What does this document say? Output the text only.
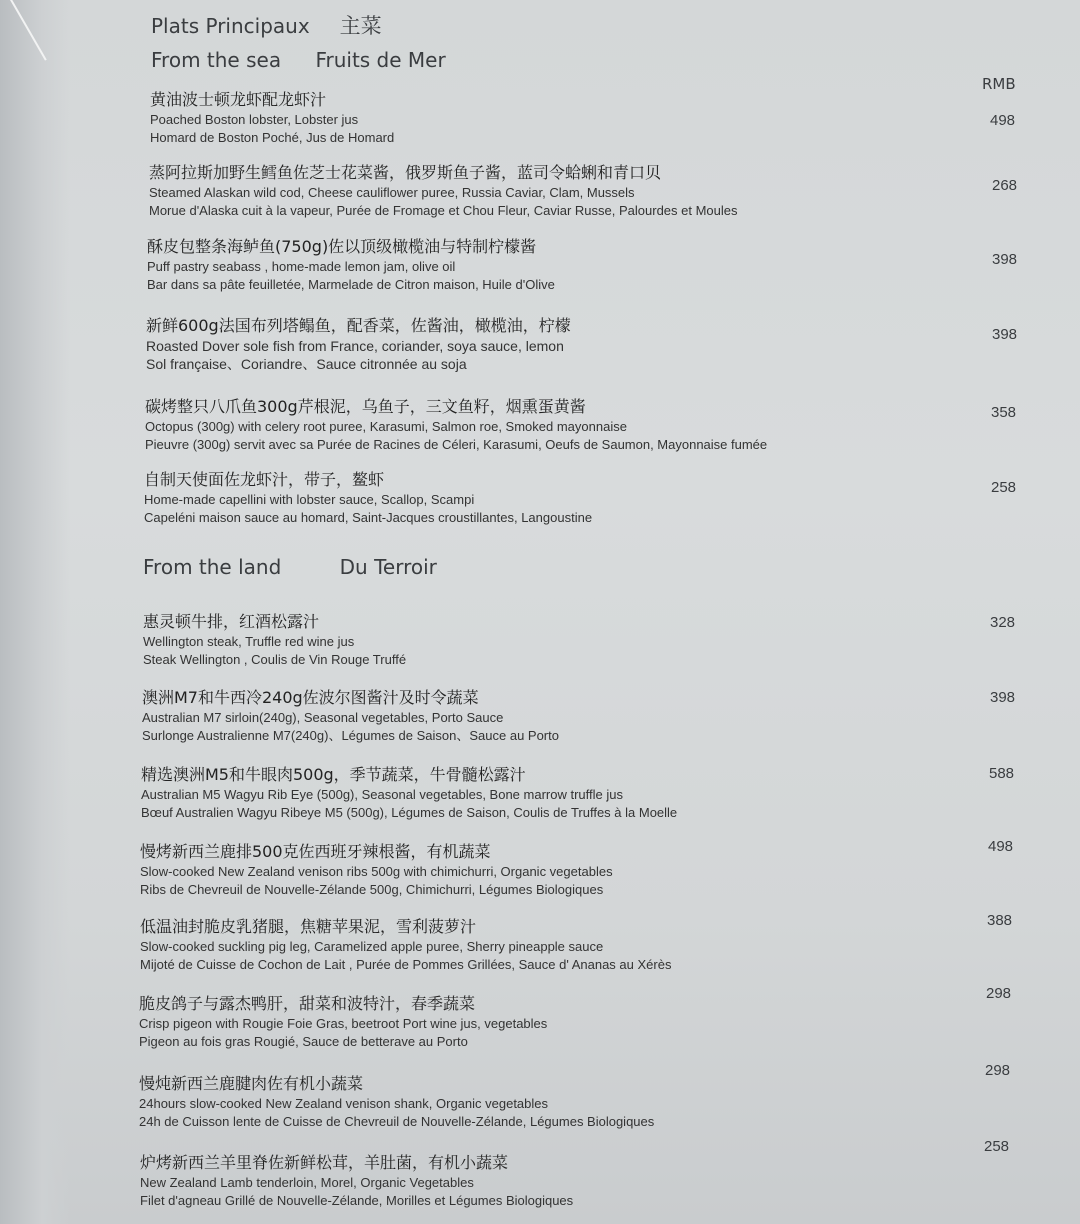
Plats Principaux 主菜
From the sea Fruits de Mer
RMB
黄油波士顿龙虾配龙虾汁
Poached Boston lobster, Lobster jus
Homard de Boston Poché, Jus de Homard
498
蒸阿拉斯加野生鳕鱼佐芝士花菜酱，俄罗斯鱼子酱，蓝司令蛤蜊和青口贝
Steamed Alaskan wild cod, Cheese cauliflower puree, Russia Caviar, Clam, Mussels
Morue d'Alaska cuit à la vapeur, Purée de Fromage et Chou Fleur, Caviar Russe, Palourdes et Moules
268
酥皮包整条海鲈鱼(750g)佐以顶级橄榄油与特制柠檬酱
Puff pastry seabass , home-made lemon jam, olive oil
Bar dans sa pâte feuilletée, Marmelade de Citron maison, Huile d'Olive
398
新鲜600g法国布列塔鳎鱼，配香菜，佐酱油，橄榄油，柠檬
Roasted Dover sole fish from France, coriander, soya sauce, lemon
Sol française、Coriandre、Sauce citronnée au soja
398
碳烤整只八爪鱼300g芹根泥，乌鱼子，三文鱼籽，烟熏蛋黄酱
Octopus (300g) with celery root puree, Karasumi, Salmon roe, Smoked mayonnaise
Pieuvre (300g) servit avec sa Purée de Racines de Céleri, Karasumi, Oeufs de Saumon, Mayonnaise fumée
358
自制天使面佐龙虾汁，带子，鳌虾
Home-made capellini with lobster sauce, Scallop, Scampi
Capeléni maison sauce au homard, Saint-Jacques croustillantes, Langoustine
258
From the land	Du Terroir
惠灵顿牛排，红酒松露汁
Wellington steak, Truffle red wine jus
Steak Wellington , Coulis de Vin Rouge Truffé
328
澳洲M7和牛西冷240g佐波尔图酱汁及时令蔬菜
Australian M7 sirloin(240g), Seasonal vegetables, Porto Sauce
Surlonge Australienne M7(240g)、Légumes de Saison、Sauce au Porto
398
精选澳洲M5和牛眼肉500g，季节蔬菜，牛骨髓松露汁
Australian M5 Wagyu Rib Eye (500g), Seasonal vegetables, Bone marrow truffle jus
Bœuf Australien Wagyu Ribeye M5 (500g), Légumes de Saison, Coulis de Truffes à la Moelle
588
慢烤新西兰鹿排500克佐西班牙辣根酱，有机蔬菜
Slow-cooked New Zealand venison ribs 500g with chimichurri, Organic vegetables
Ribs de Chevreuil de Nouvelle-Zélande 500g, Chimichurri, Légumes Biologiques
498
低温油封脆皮乳猪腿，焦糖苹果泥，雪利菠萝汁
Slow-cooked suckling pig leg, Caramelized apple puree, Sherry pineapple sauce
Mijoté de Cuisse de Cochon de Lait , Purée de Pommes Grillées, Sauce d' Ananas au Xérès
388
脆皮鸽子与露杰鸭肝，甜菜和波特汁，春季蔬菜
Crisp pigeon with Rougie Foie Gras, beetroot Port wine jus, vegetables
Pigeon au fois gras Rougié, Sauce de betterave au Porto
298
慢炖新西兰鹿腱肉佐有机小蔬菜
24hours slow-cooked New Zealand venison shank, Organic vegetables
24h de Cuisson lente de Cuisse de Chevreuil de Nouvelle-Zélande, Légumes Biologiques
298
炉烤新西兰羊里脊佐新鲜松茸，羊肚菌，有机小蔬菜
New Zealand Lamb tenderloin, Morel, Organic Vegetables
Filet d'agneau Grillé de Nouvelle-Zélande, Morilles et Légumes Biologiques
258
